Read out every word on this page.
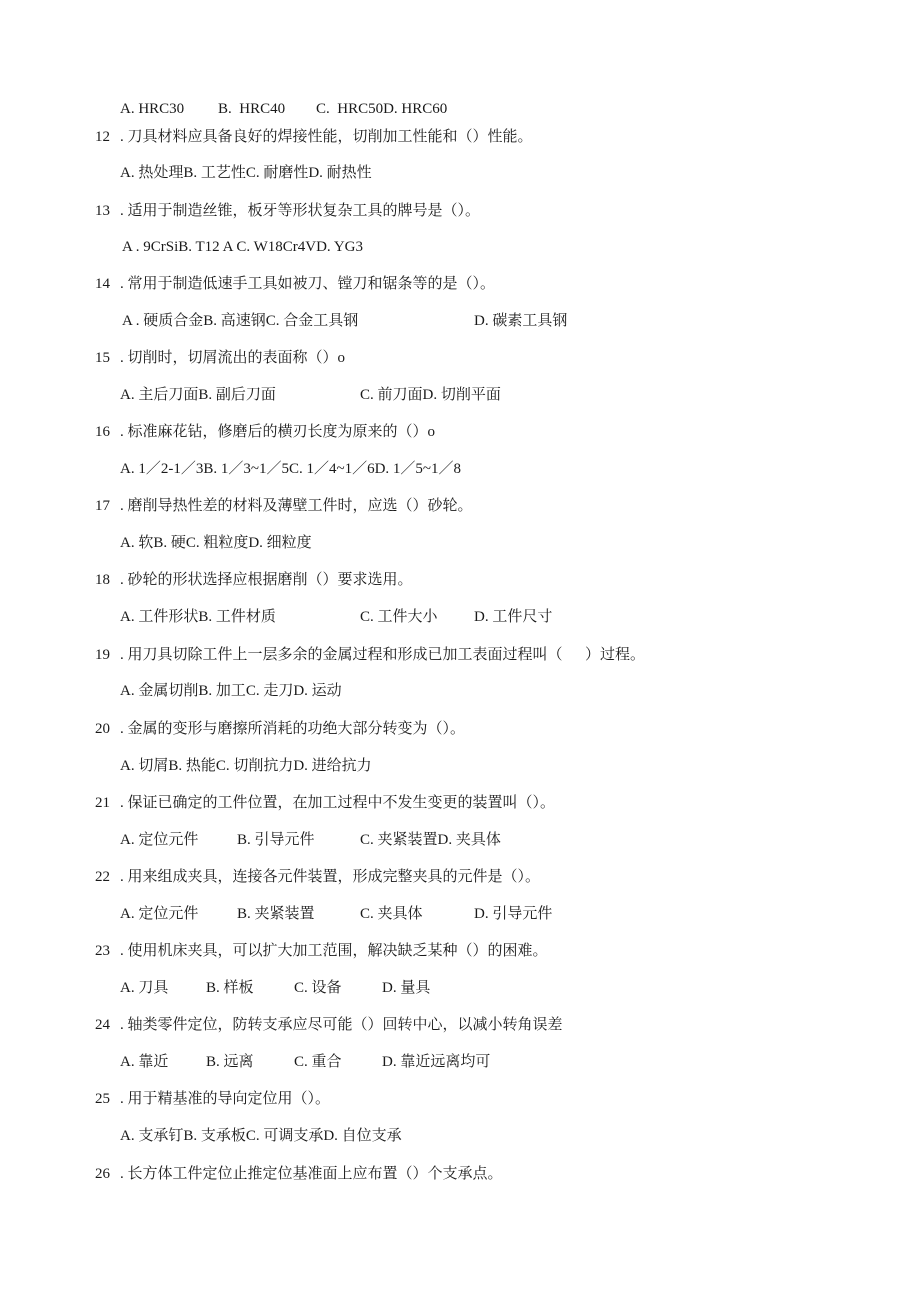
A. HRC30 B.  HRC40 C.  HRC50D. HRC60
12 . 刀具材料应具备良好的焊接性能，切削加工性能和（）性能。
A. 热处理B. 工艺性C. 耐磨性D. 耐热性
13 . 适用于制造丝锥，板牙等形状复杂工具的牌号是（）。
A . 9CrSiB. T12 A C. W18Cr4VD. YG3
14 . 常用于制造低速手工具如被刀、镗刀和锯条等的是（）。
A . 硬质合金B. 高速钢C. 合金工具钢	D. 碳素工具钢
15 . 切削时，切屑流出的表面称（）o
A. 主后刀面B. 副后刀面	C. 前刀面D. 切削平面
16 . 标准麻花钻，修磨后的横刃长度为原来的（）o
A. 1／2-1／3B. 1／3~1／5C. 1／4~1／6D. 1／5~1／8
17 . 磨削导热性差的材料及薄壁工件时，应选（）砂轮。
A. 软B. 硬C. 粗粒度D. 细粒度
18 . 砂轮的形状选择应根据磨削（）要求选用。
A. 工件形状B. 工件材质	C. 工件大小 D. 工件尺寸
19 . 用刀具切除工件上一层多余的金属过程和形成已加工表面过程叫（      ）过程。
A. 金属切削B. 加工C. 走刀D. 运动
20 . 金属的变形与磨擦所消耗的功绝大部分转变为（）。
A. 切屑B. 热能C. 切削抗力D. 进给抗力
21 . 保证已确定的工件位置，在加工过程中不发生变更的装置叫（）。
A. 定位元件	B. 引导元件	C. 夹紧装置D. 夹具体
22 . 用来组成夹具，连接各元件装置，形成完整夹具的元件是（）。
A. 定位元件	B. 夹紧装置	C. 夹具体	D. 引导元件
23 . 使用机床夹具，可以扩大加工范围，解决缺乏某种（）的困难。
A. 刀具	B. 样板	C. 设备	D. 量具
24 . 轴类零件定位，防转支承应尽可能（）回转中心，以减小转角误差
A. 靠近	B. 远离	C. 重合	D. 靠近远离均可
25 . 用于精基准的导向定位用（）。
A. 支承钉B. 支承板C. 可调支承D. 自位支承
26 . 长方体工件定位止推定位基准面上应布置（）个支承点。
